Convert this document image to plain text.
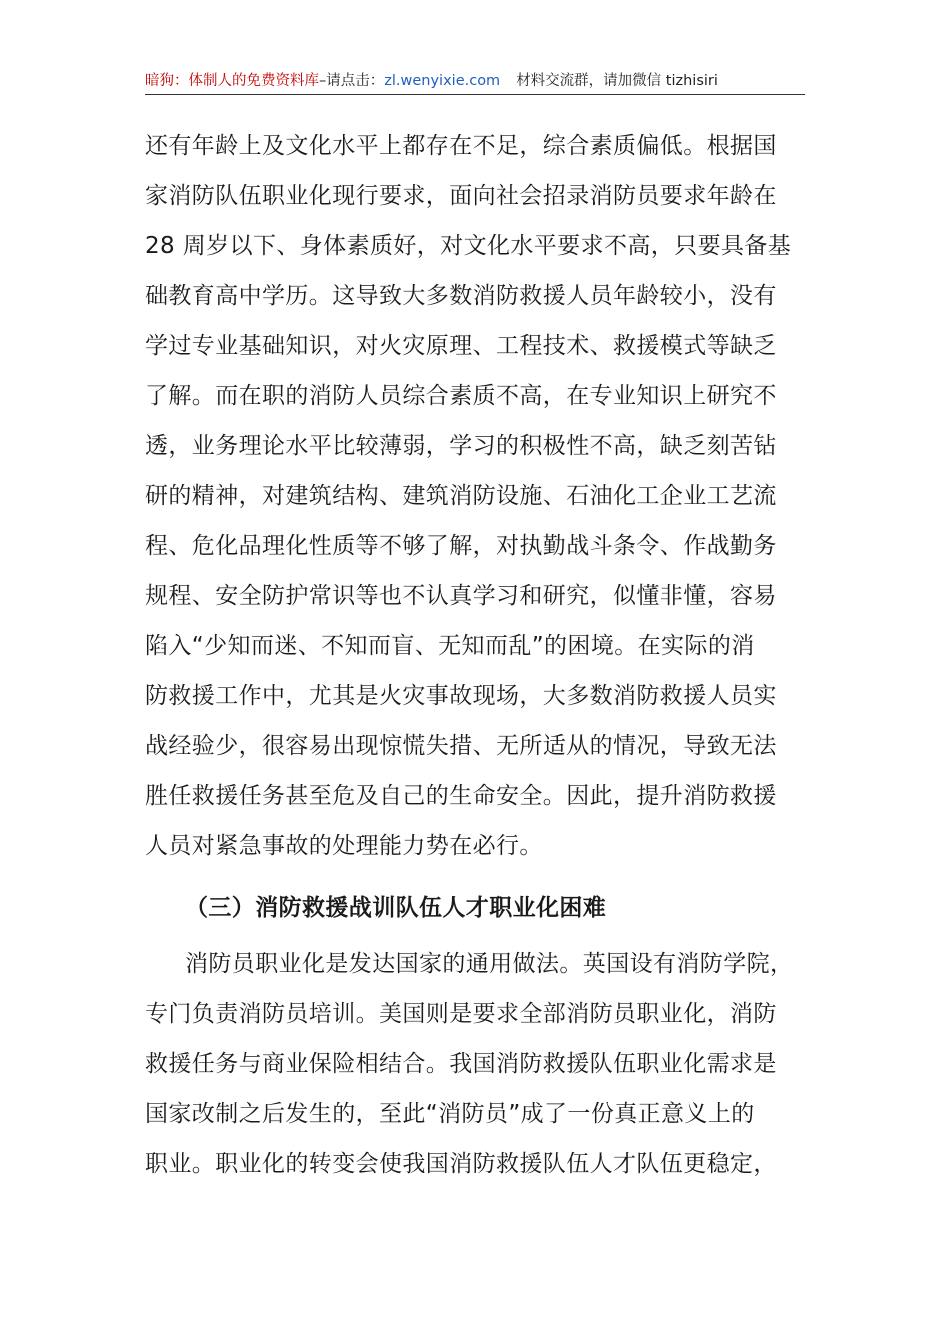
暗狗：体制人的免费资料库–请点击：zl.wenyixie.com 材料交流群，请加微信 tizhisiri
还有年龄上及文化水平上都存在不足，综合素质偏低。根据国
家消防队伍职业化现行要求，面向社会招录消防员要求年龄在
28 周岁以下、身体素质好，对文化水平要求不高，只要具备基
础教育高中学历。这导致大多数消防救援人员年龄较小，没有
学过专业基础知识，对火灾原理、工程技术、救援模式等缺乏
了解。而在职的消防人员综合素质不高，在专业知识上研究不
透，业务理论水平比较薄弱，学习的积极性不高，缺乏刻苦钻
研的精神，对建筑结构、建筑消防设施、石油化工企业工艺流
程、危化品理化性质等不够了解，对执勤战斗条令、作战勤务
规程、安全防护常识等也不认真学习和研究，似懂非懂，容易
陷入“少知而迷、不知而盲、无知而乱”的困境。在实际的消
防救援工作中，尤其是火灾事故现场，大多数消防救援人员实
战经验少，很容易出现惊慌失措、无所适从的情况，导致无法
胜任救援任务甚至危及自己的生命安全。因此，提升消防救援
人员对紧急事故的处理能力势在必行。
（三）消防救援战训队伍人才职业化困难
消防员职业化是发达国家的通用做法。英国设有消防学院，
专门负责消防员培训。美国则是要求全部消防员职业化，消防
救援任务与商业保险相结合。我国消防救援队伍职业化需求是
国家改制之后发生的，至此“消防员”成了一份真正意义上的
职业。职业化的转变会使我国消防救援队伍人才队伍更稳定，
